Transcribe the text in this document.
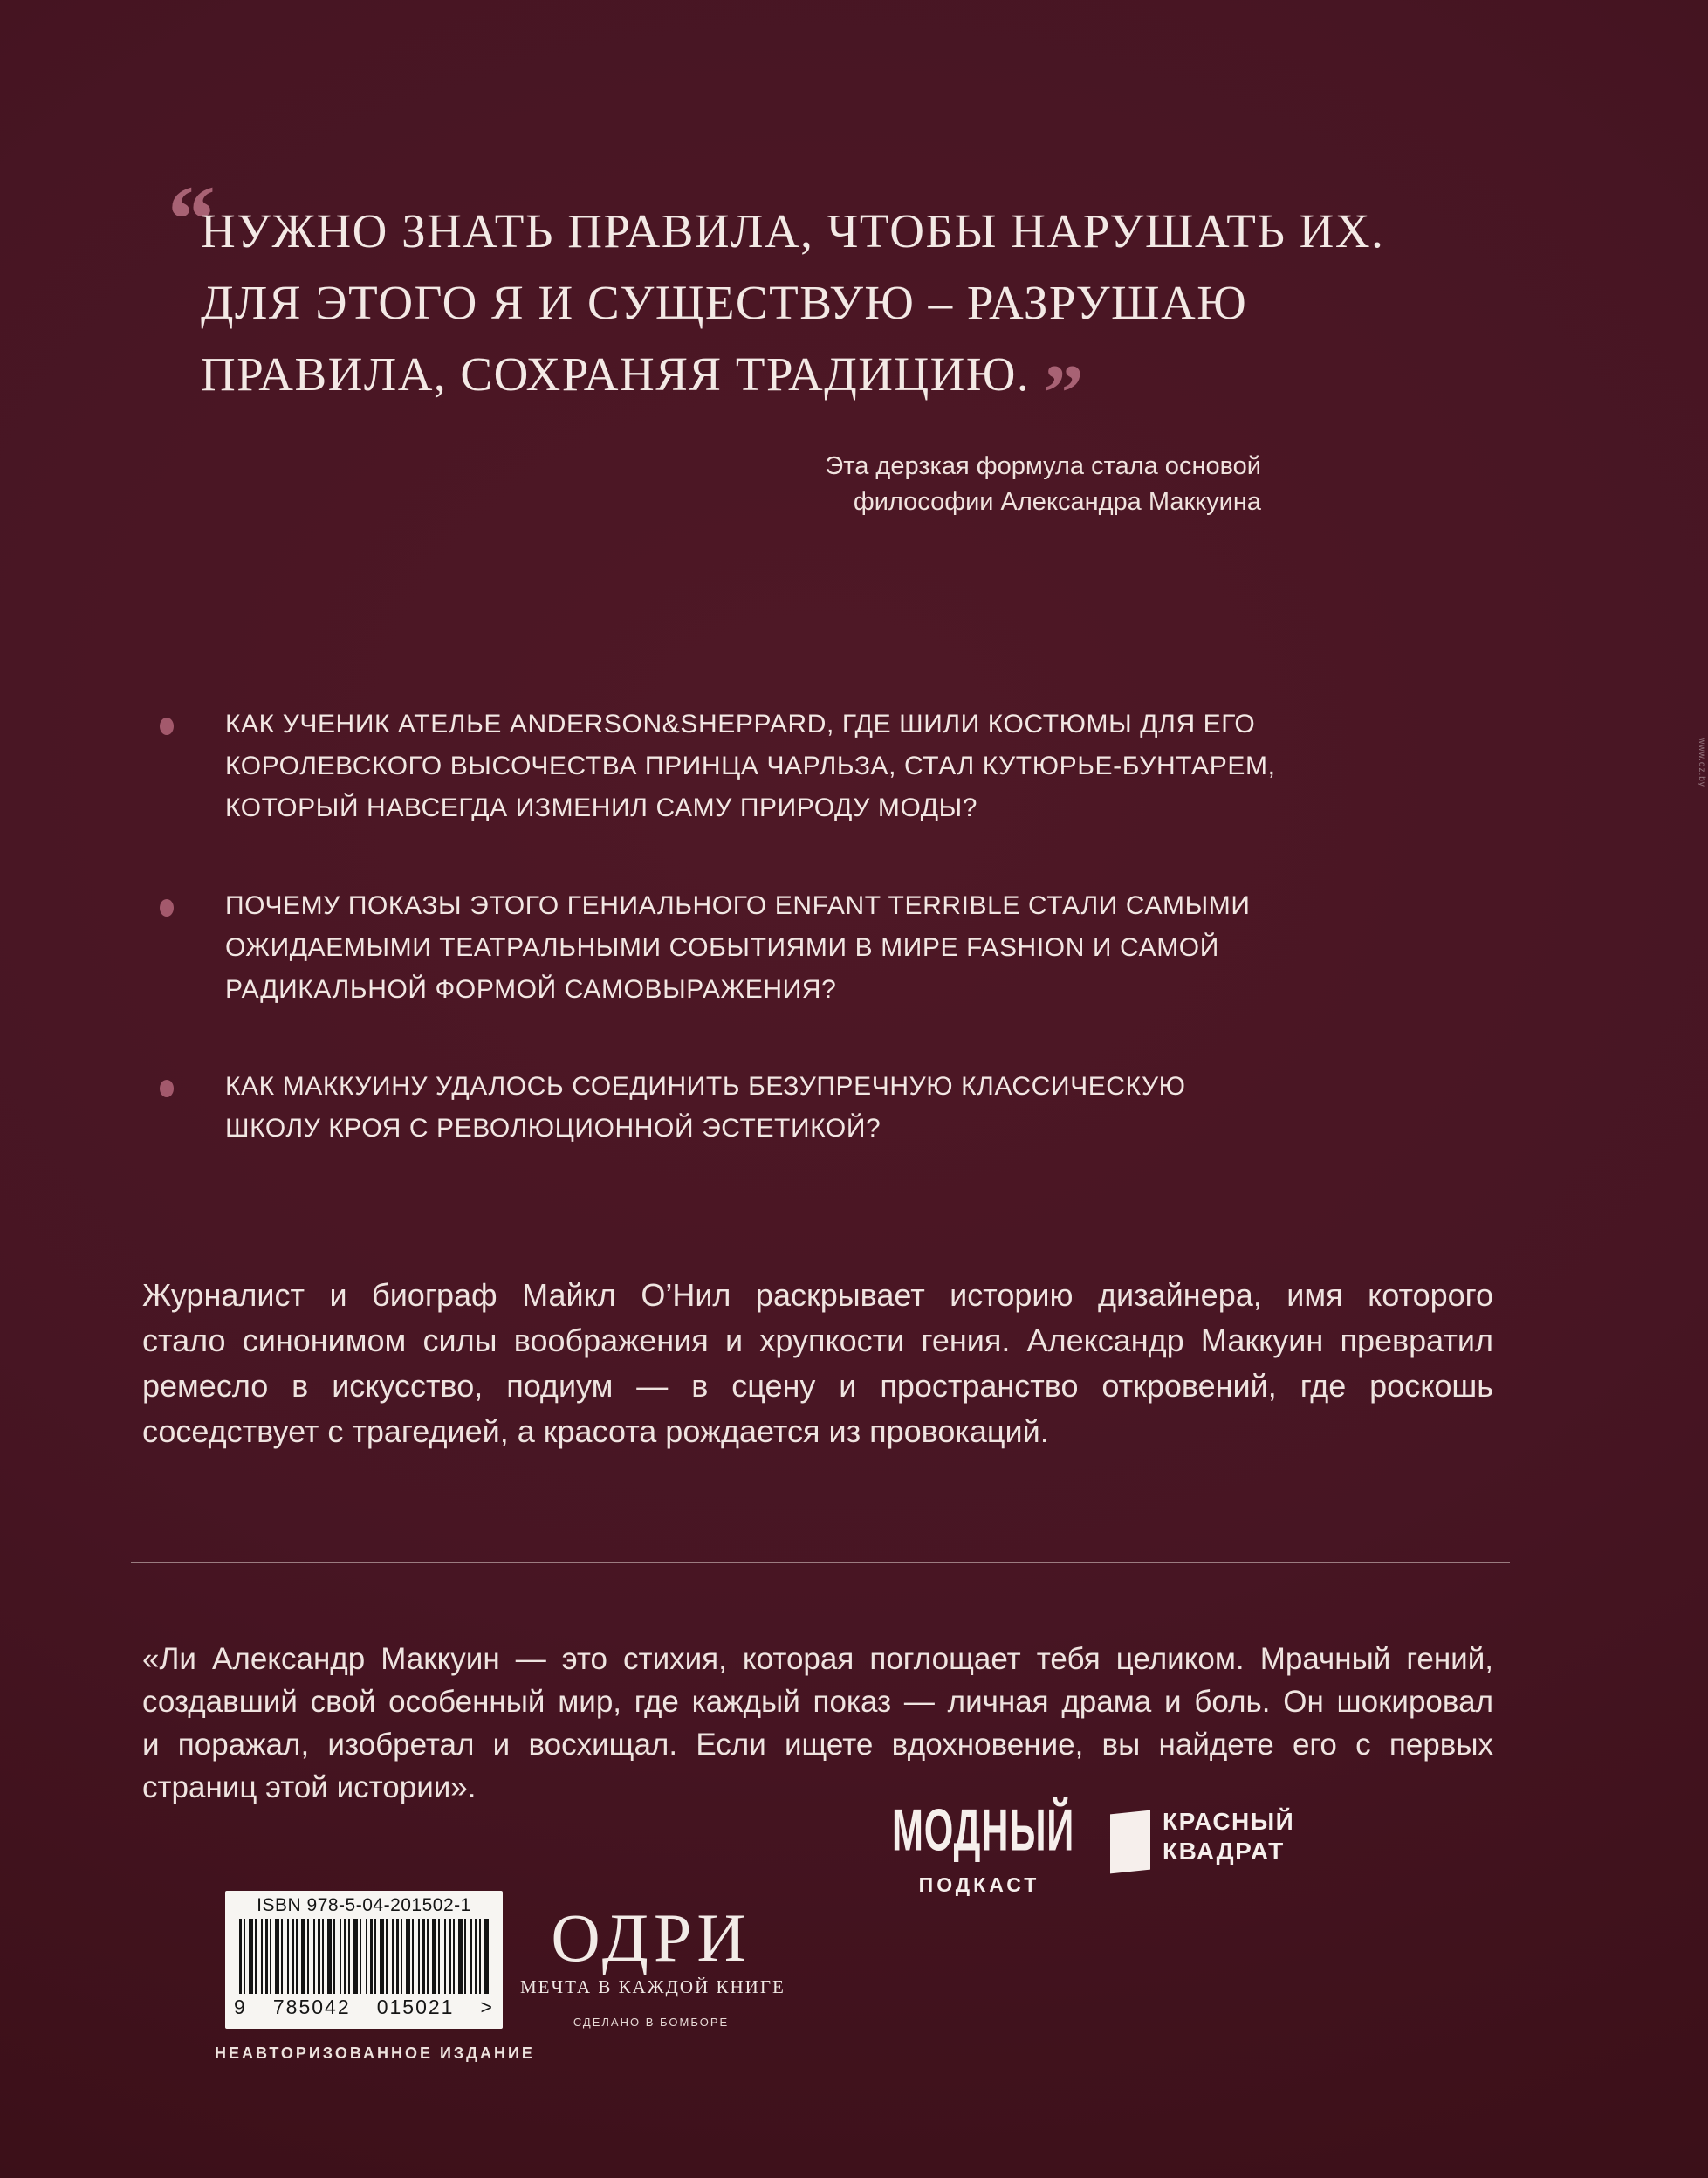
“
НУЖНО ЗНАТЬ ПРАВИЛА, ЧТОБЫ НАРУШАТЬ ИХ.
ДЛЯ ЭТОГО Я И СУЩЕСТВУЮ – РАЗРУШАЮ
ПРАВИЛА, СОХРАНЯЯ ТРАДИЦИЮ. ”
Эта дерзкая формула стала основой
философии Александра Маккуина
КАК УЧЕНИК АТЕЛЬЕ ANDERSON&SHEPPARD, ГДЕ ШИЛИ КОСТЮМЫ ДЛЯ ЕГО
КОРОЛЕВСКОГО ВЫСОЧЕСТВА ПРИНЦА ЧАРЛЬЗА, СТАЛ КУТЮРЬЕ-БУНТАРЕМ,
КОТОРЫЙ НАВСЕГДА ИЗМЕНИЛ САМУ ПРИРОДУ МОДЫ?
ПОЧЕМУ ПОКАЗЫ ЭТОГО ГЕНИАЛЬНОГО ENFANT TERRIBLE СТАЛИ САМЫМИ
ОЖИДАЕМЫМИ ТЕАТРАЛЬНЫМИ СОБЫТИЯМИ В МИРЕ FASHION И САМОЙ
РАДИКАЛЬНОЙ ФОРМОЙ САМОВЫРАЖЕНИЯ?
КАК МАККУИНУ УДАЛОСЬ СОЕДИНИТЬ БЕЗУПРЕЧНУЮ КЛАССИЧЕСКУЮ
ШКОЛУ КРОЯ С РЕВОЛЮЦИОННОЙ ЭСТЕТИКОЙ?
Журналист и биограф Майкл О’Нил раскрывает историю дизайнера, имя которого
стало синонимом силы воображения и хрупкости гения. Александр Маккуин превратил
ремесло в искусство, подиум — в сцену и пространство откровений, где роскошь
соседствует с трагедией, а красота рождается из провокаций.
«Ли Александр Маккуин — это стихия, которая поглощает тебя целиком. Мрачный гений,
создавший свой особенный мир, где каждый показ — личная драма и боль. Он шокировал
и поражал, изобретал и восхищал. Если ищете вдохновение, вы найдете его с первых
страниц этой истории».
МОДНЫЙ
ПОДКАСТ
КРАСНЫЙ
КВАДРАТ
ISBN 978-5-04-201502-1
9 785042 015021 >
НЕАВТОРИЗОВАННОЕ ИЗДАНИЕ
ОДРИ
МЕЧТА В КАЖДОЙ КНИГЕ
СДЕЛАНО В БОМБОРЕ
www.oz.by
